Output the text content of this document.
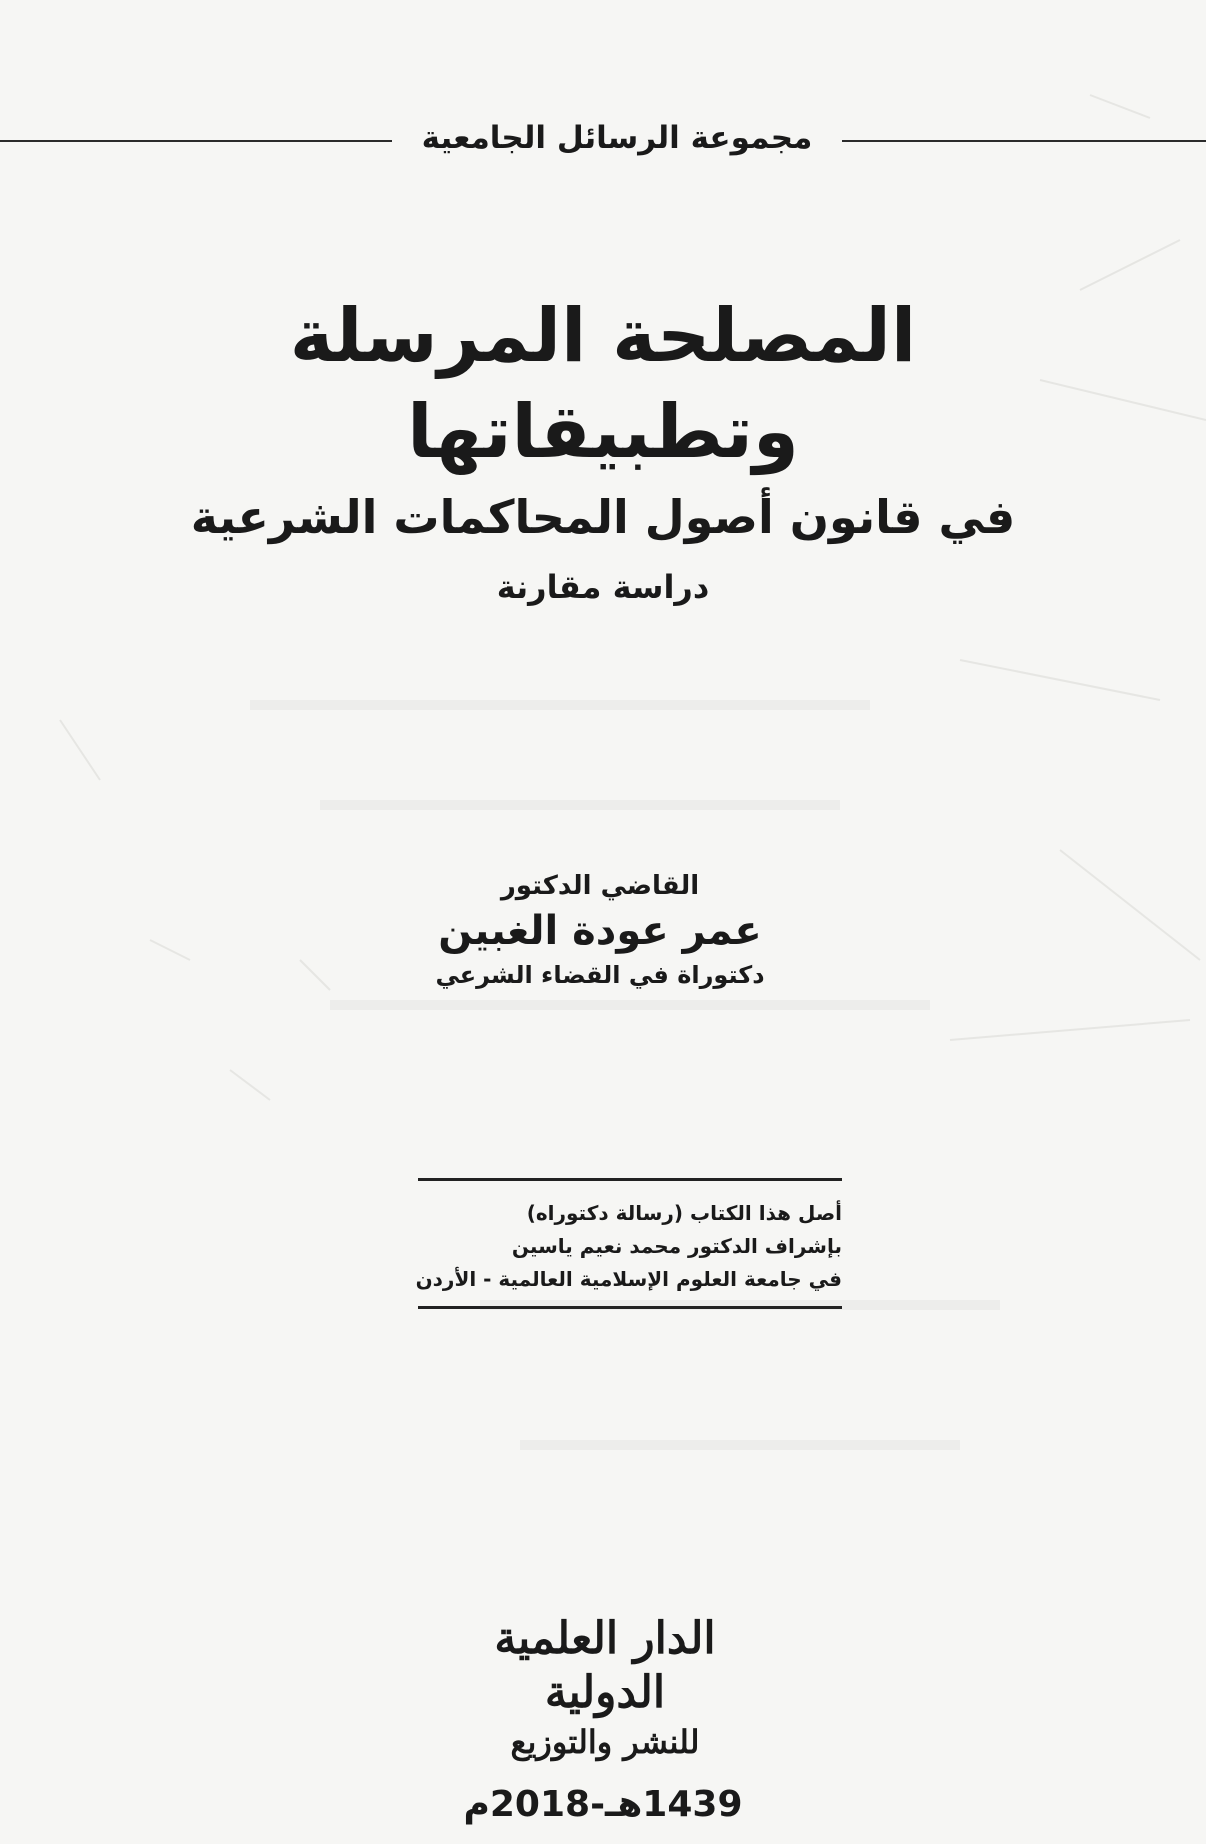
مجموعة الرسائل الجامعية
المصلحة المرسلة
وتطبيقاتها
في قانون أصول المحاكمات الشرعية
دراسة مقارنة
القاضي الدكتور
عمر عودة الغبين
دكتوراة في القضاء الشرعي
أصل هذا الكتاب (رسالة دكتوراه)
بإشراف الدكتور محمد نعيم ياسين
في جامعة العلوم الإسلامية العالمية - الأردن
الدار العلمية الدولية
للنشر والتوزيع
1439هـ-2018م
